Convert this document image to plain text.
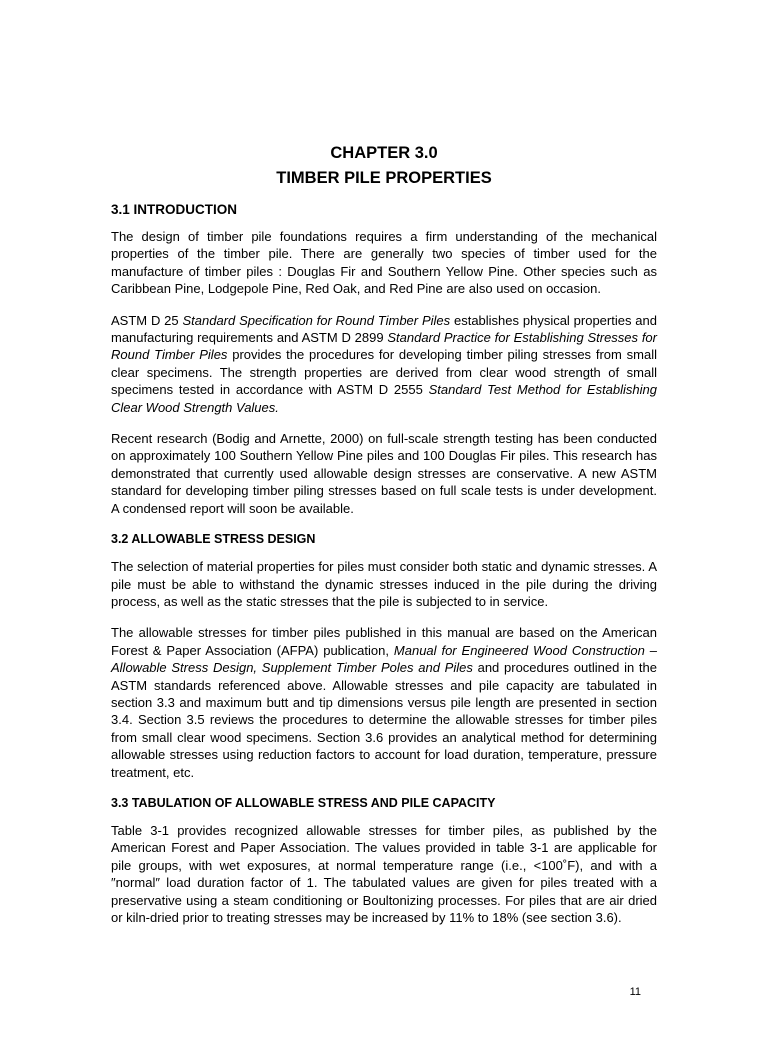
CHAPTER 3.0
TIMBER PILE PROPERTIES
3.1 INTRODUCTION

The design of timber pile foundations requires a firm understanding of the mechanical properties of the timber pile. There are generally two species of timber used for the manufacture of timber piles : Douglas Fir and Southern Yellow Pine. Other species such as Caribbean Pine, Lodgepole Pine, Red Oak, and Red Pine are also used on occasion.

ASTM D 25 Standard Specification for Round Timber Piles establishes physical properties and manufacturing requirements and ASTM D 2899 Standard Practice for Establishing Stresses for Round Timber Piles provides the procedures for developing timber piling stresses from small clear specimens. The strength properties are derived from clear wood strength of small specimens tested in accordance with ASTM D 2555 Standard Test Method for Establishing Clear Wood Strength Values.

Recent research (Bodig and Arnette, 2000) on full-scale strength testing has been conducted on approximately 100 Southern Yellow Pine piles and 100 Douglas Fir piles. This research has demonstrated that currently used allowable design stresses are conservative. A new ASTM standard for developing timber piling stresses based on full scale tests is under development. A condensed report will soon be available.

3.2 ALLOWABLE STRESS DESIGN

The selection of material properties for piles must consider both static and dynamic stresses. A pile must be able to withstand the dynamic stresses induced in the pile during the driving process, as well as the static stresses that the pile is subjected to in service.

The allowable stresses for timber piles published in this manual are based on the American Forest & Paper Association (AFPA) publication, Manual for Engineered Wood Construction – Allowable Stress Design, Supplement Timber Poles and Piles and procedures outlined in the ASTM standards referenced above. Allowable stresses and pile capacity are tabulated in section 3.3 and maximum butt and tip dimensions versus pile length are presented in section 3.4. Section 3.5 reviews the procedures to determine the allowable stresses for timber piles from small clear wood specimens. Section 3.6 provides an analytical method for determining allowable stresses using reduction factors to account for load duration, temperature, pressure treatment, etc.

3.3 TABULATION OF ALLOWABLE STRESS AND PILE CAPACITY

Table 3-1 provides recognized allowable stresses for timber piles, as published by the American Forest and Paper Association. The values provided in table 3-1 are applicable for pile groups, with wet exposures, at normal temperature range (i.e., <100˚F), and with a ″normal″ load duration factor of 1. The tabulated values are given for piles treated with a preservative using a steam conditioning or Boultonizing processes. For piles that are air dried or kiln-dried prior to treating stresses may be increased by 11% to 18% (see section 3.6).

11
